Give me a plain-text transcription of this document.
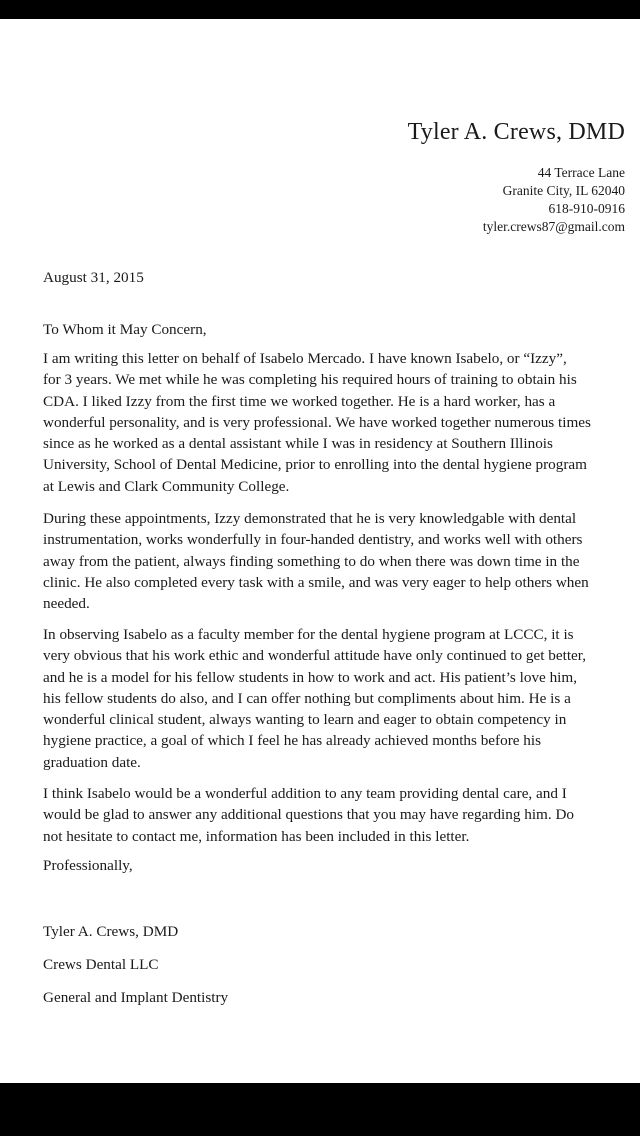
Tyler A. Crews, DMD
44 Terrace Lane
Granite City, IL 62040
618-910-0916
tyler.crews87@gmail.com
August 31, 2015
To Whom it May Concern,
I am writing this letter on behalf of Isabelo Mercado. I have known Isabelo, or “Izzy”,
for 3 years. We met while he was completing his required hours of training to obtain his
CDA. I liked Izzy from the first time we worked together. He is a hard worker, has a
wonderful personality, and is very professional. We have worked together numerous times
since as he worked as a dental assistant while I was in residency at Southern Illinois
University, School of Dental Medicine, prior to enrolling into the dental hygiene program
at Lewis and Clark Community College.
During these appointments, Izzy demonstrated that he is very knowledgable with dental
instrumentation, works wonderfully in four-handed dentistry, and works well with others
away from the patient, always finding something to do when there was down time in the
clinic. He also completed every task with a smile, and was very eager to help others when
needed.
In observing Isabelo as a faculty member for the dental hygiene program at LCCC, it is
very obvious that his work ethic and wonderful attitude have only continued to get better,
and he is a model for his fellow students in how to work and act. His patient’s love him,
his fellow students do also, and I can offer nothing but compliments about him. He is a
wonderful clinical student, always wanting to learn and eager to obtain competency in
hygiene practice, a goal of which I feel he has already achieved months before his
graduation date.
I think Isabelo would be a wonderful addition to any team providing dental care, and I
would be glad to answer any additional questions that you may have regarding him. Do
not hesitate to contact me, information has been included in this letter.
Professionally,
Tyler A. Crews, DMD
Crews Dental LLC
General and Implant Dentistry
